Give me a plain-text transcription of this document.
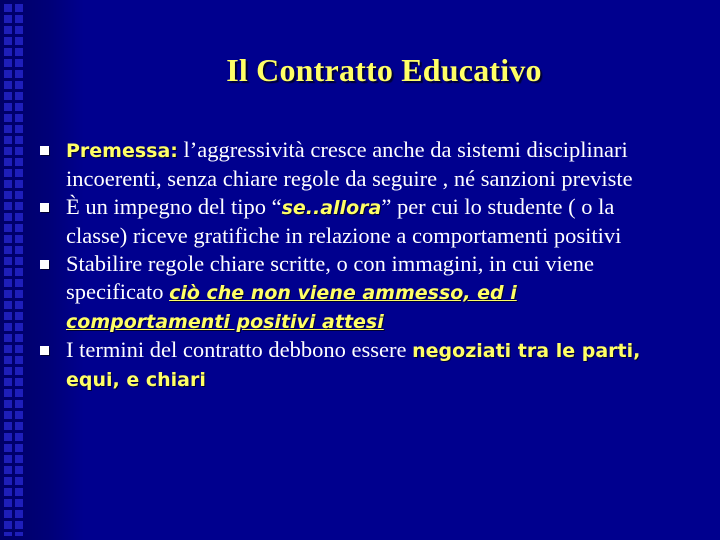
Il Contratto Educativo
Premessa: l’aggressività cresce anche da sistemi disciplinari incoerenti, senza chiare regole da seguire , né sanzioni previste
È un impegno del tipo “se..allora” per cui lo studente ( o la classe) riceve gratifiche in relazione a comportamenti positivi
Stabilire regole chiare scritte, o con immagini, in cui viene specificato ciò che non viene ammesso, ed i comportamenti positivi attesi
I termini del contratto debbono essere negoziati tra le parti, equi, e chiari
